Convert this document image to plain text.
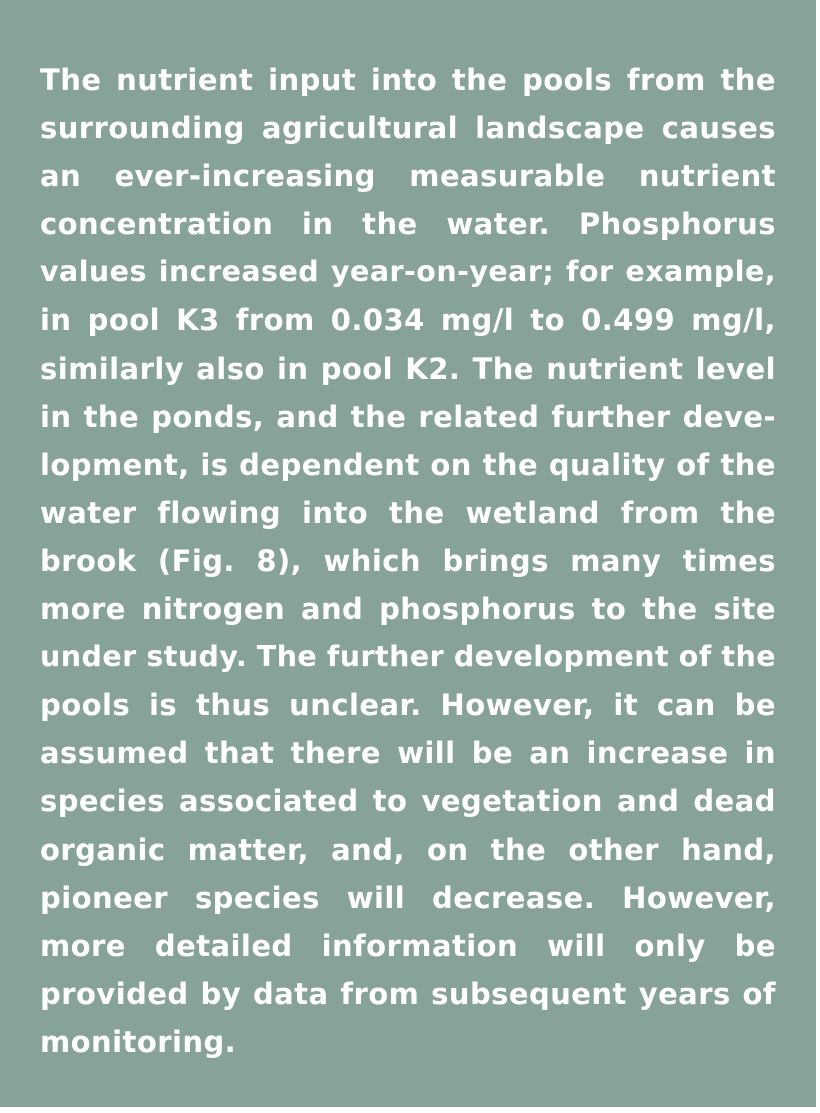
The nutrient input into the pools from the
surrounding agricultural landscape causes
an ever-increasing measurable nutrient
concentration in the water. Phosphorus
values increased year-on-year; for example,
in pool K3 from 0.034 mg/l to 0.499 mg/l,
similarly also in pool K2. The nutrient level
in the ponds, and the related further deve-
lopment, is dependent on the quality of the
water flowing into the wetland from the
brook (Fig. 8), which brings many times
more nitrogen and phosphorus to the site
under study. The further development of the
pools is thus unclear. However, it can be
assumed that there will be an increase in
species associated to vegetation and dead
organic matter, and, on the other hand,
pioneer species will decrease. However,
more detailed information will only be
provided by data from subsequent years of
monitoring.
